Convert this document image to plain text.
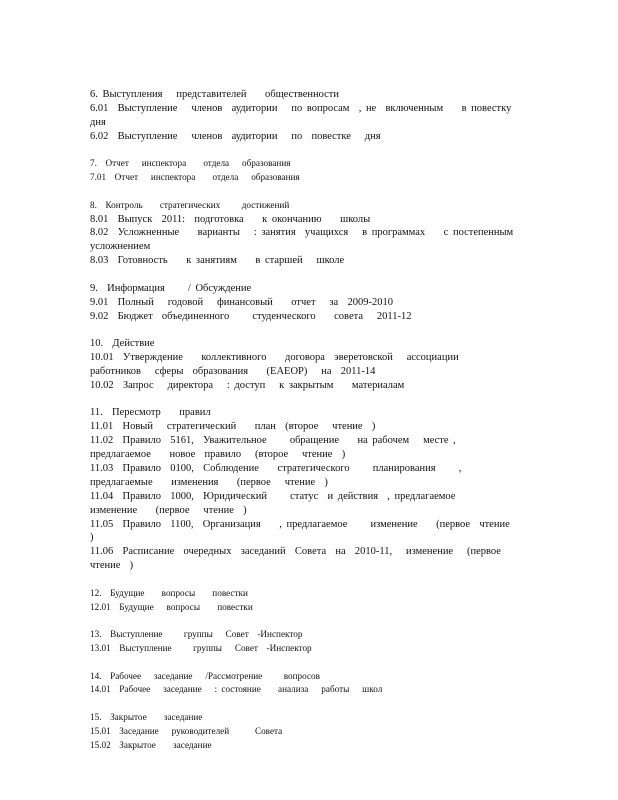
6. Выступления   представителей    общественности
6.01  Выступление   членов  аудитории   по вопросам  , не  включенным    в повестку   дня
6.02  Выступление   членов  аудитории   по  повестке   дня
7.  Отчет   инспектора    отдела   образования
7.01  Отчет   инспектора    отдела   образования
8.  Контроль    стратегических     достижений
8.01  Выпуск  2011:  подготовка    к окончанию    школы
8.02  Усложненные    варианты   : занятия  учащихся   в программах    с постепенным    усложнением
8.03  Готовность    к занятиям    в старшей   школе
9.  Информация     / Обсуждение
9.01  Полный   годовой   финансовый    отчет   за  2009-2010
9.02  Бюджет  объединенного     студенческого    совета   2011-12
10.  Действие
10.01  Утверждение    коллективного    договора  эверетовской   ассоциации   работников   сферы  образования    (EAEOP)   на  2011-14
10.02  Запрос   директора   : доступ   к закрытым    материалам
11.  Пересмотр    правил
11.01  Новый   стратегический    план  (второе   чтение  )
11.02  Правило  5161,  Уважительное     обращение    на рабочем   месте , предлагаемое    новое  правило   (второе   чтение  )
11.03  Правило  0100,  Соблюдение    стратегического     планирования     , предлагаемые    изменения    (первое   чтение  )
11.04  Правило  1000,  Юридический     статус  и действия  , предлагаемое     изменение    (первое   чтение  )
11.05  Правило  1100,  Организация    , предлагаемое     изменение    (первое  чтение  )
11.06  Расписание  очередных  заседаний  Совета  на  2010-11,   изменение   (первое   чтение  )
12.  Будущие    вопросы    повестки
12.01  Будущие   вопросы    повестки
13.  Выступление     группы   Совет  -Инспектор
13.01  Выступление     группы   Совет  -Инспектор
14.  Рабочее   заседание   /Рассмотрение     вопросов
14.01  Рабочее   заседание   : состояние    анализа   работы   школ
15.  Закрытое    заседание
15.01  Заседание   руководителей      Совета
15.02  Закрытое    заседание
